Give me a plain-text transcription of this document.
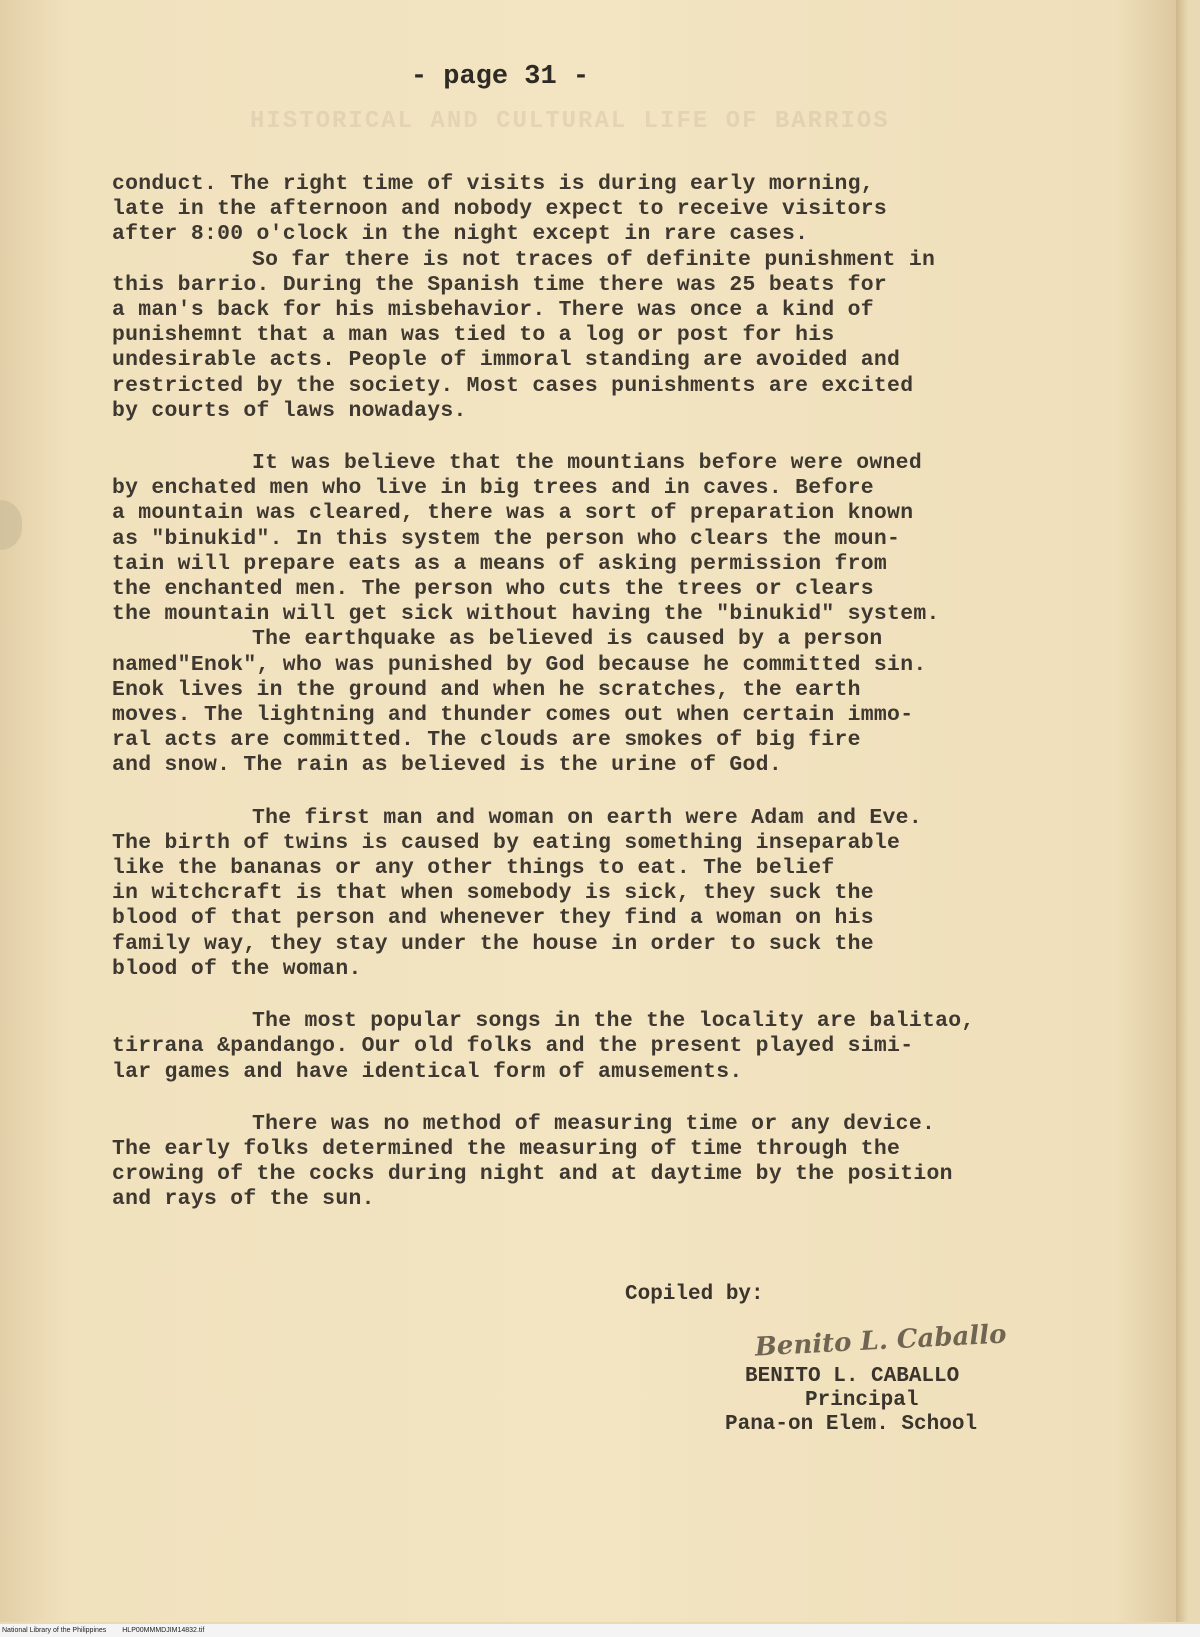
HISTORICAL AND CULTURAL LIFE OF BARRIOS
- page 31 -
conduct. The right time of visits is during early morning,
late in the afternoon and nobody expect to receive visitors
after 8:00 o'clock in the night except in rare cases.
So far there is not traces of definite punishment in
this barrio. During the Spanish time there was 25 beats for
a man's back for his misbehavior. There was once a kind of
punishemnt that a man was tied to a log or post for his
undesirable acts. People of immoral standing are avoided and
restricted by the society. Most cases punishments are excited
by courts of laws nowadays.
It was believe that the mountians before were owned
by enchated men who live in big trees and in caves. Before
a mountain was cleared, there was a sort of preparation known
as "binukid". In this system the person who clears the moun-
tain will prepare eats as a means of asking permission from
the enchanted men. The person who cuts the trees or clears
the mountain will get sick without having the "binukid" system.
The earthquake as believed is caused by a person
named"Enok", who was punished by God because he committed sin.
Enok lives in the ground and when he scratches, the earth
moves. The lightning and thunder comes out when certain immo-
ral acts are committed. The clouds are smokes of big fire
and snow. The rain as believed is the urine of God.
The first man and woman on earth were Adam and Eve.
The birth of twins is caused by eating something inseparable
like the bananas or any other things to eat. The belief
in witchcraft is that when somebody is sick, they suck the
blood of that person and whenever they find a woman on his
family way, they stay under the house in order to suck the
blood of the woman.
The most popular songs in the the locality are balitao,
tirrana &pandango. Our old folks and the present played simi-
lar games and have identical form of amusements.
There was no method of measuring time or any device.
The early folks determined the measuring of time through the
crowing of the cocks during night and at daytime by the position
and rays of the sun.
Copiled by:
Benito L. Caballo
BENITO L. CABALLO
Principal
Pana-on Elem. School
National Library of the Philippines HLP00MMMDJIM14832.tif
